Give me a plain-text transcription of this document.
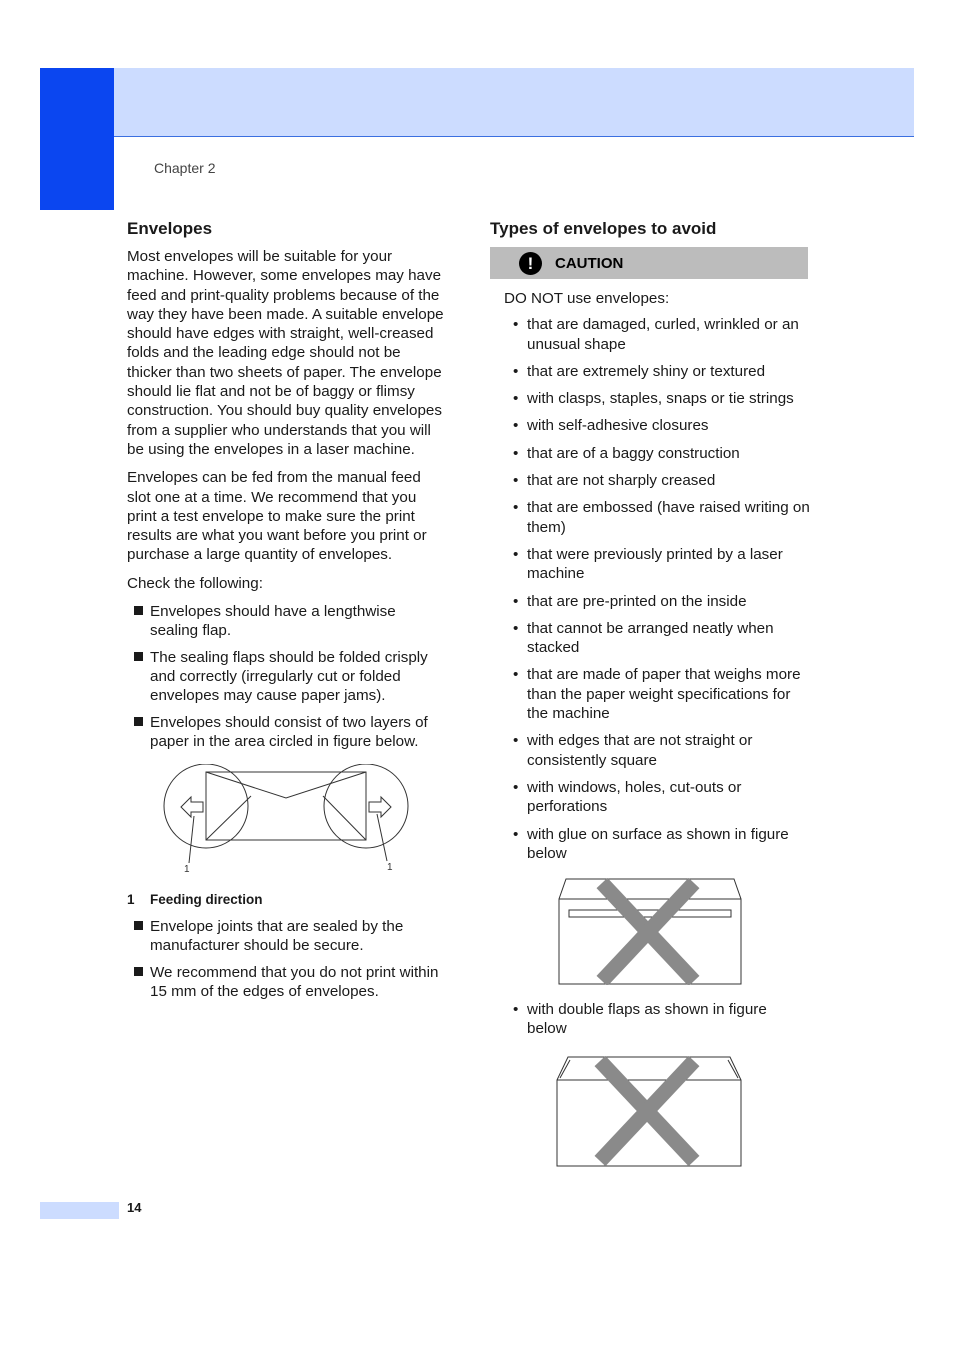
Chapter 2
Envelopes

Most envelopes will be suitable for your machine. However, some envelopes may have feed and print-quality problems because of the way they have been made. A suitable envelope should have edges with straight, well-creased folds and the leading edge should not be thicker than two sheets of paper. The envelope should lie flat and not be of baggy or flimsy construction. You should buy quality envelopes from a supplier who understands that you will be using the envelopes in a laser machine.

Envelopes can be fed from the manual feed slot one at a time. We recommend that you print a test envelope to make sure the print results are what you want before you print or purchase a large quantity of envelopes.

Check the following:

Envelopes should have a lengthwise sealing flap.
The sealing flaps should be folded crisply and correctly (irregularly cut or folded envelopes may cause paper jams).
Envelopes should consist of two layers of paper in the area circled in figure below.
1	1
1 Feeding direction
Envelope joints that are sealed by the manufacturer should be secure.
We recommend that you do not print within 15 mm of the edges of envelopes.
Types of envelopes to avoid
!	CAUTION
DO NOT use envelopes:
• that are damaged, curled, wrinkled or an unusual shape
• that are extremely shiny or textured
• with clasps, staples, snaps or tie strings
• with self-adhesive closures
• that are of a baggy construction
• that are not sharply creased
• that are embossed (have raised writing on them)
• that were previously printed by a laser machine
• that are pre-printed on the inside
• that cannot be arranged neatly when stacked
• that are made of paper that weighs more than the paper weight specifications for the machine
• with edges that are not straight or consistently square
• with windows, holes, cut-outs or perforations
• with glue on surface as shown in figure below
• with double flaps as shown in figure below
14
